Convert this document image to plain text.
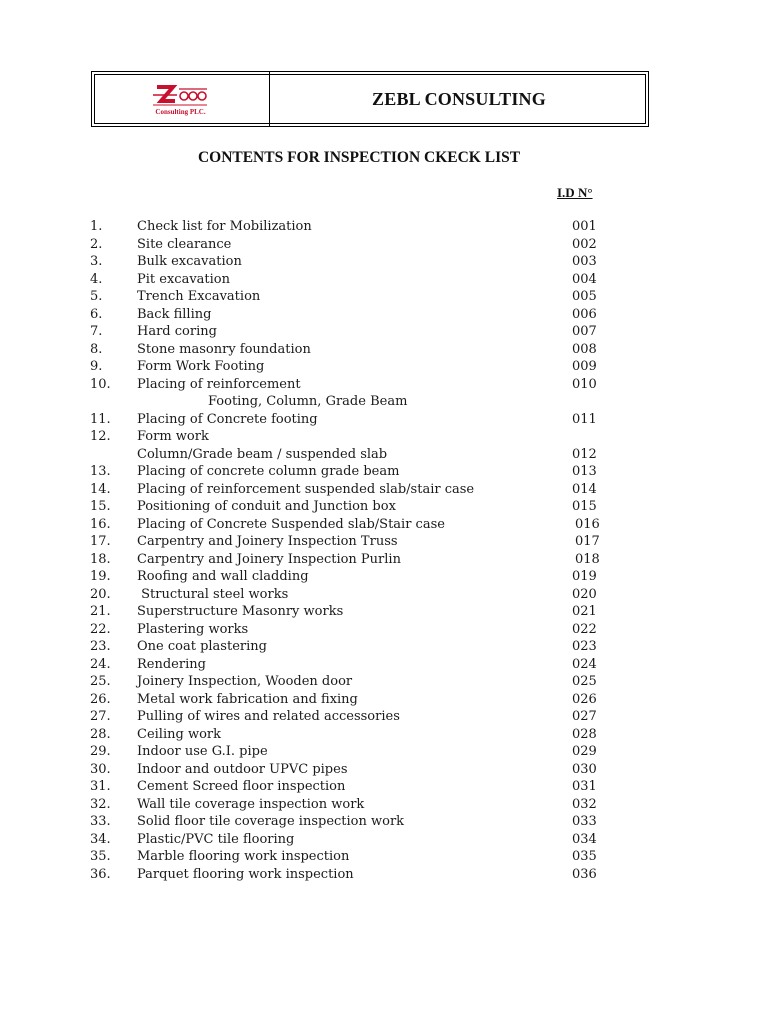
Consulting PLC.
ZEBL CONSULTING
CONTENTS FOR INSPECTION CKECK LIST
I.D N°
1.	Check list for Mobilization	001
2.	Site clearance	002
3.	Bulk excavation	003
4.	Pit excavation	004
5.	Trench Excavation	005
6.	Back filling	006
7.	Hard coring	007
8.	Stone masonry foundation	008
9.	Form Work Footing	009
10. Placing of reinforcement	010
Footing, Column, Grade Beam
11. Placing of Concrete footing	011
12. Form work
Column/Grade beam / suspended slab	012
13. Placing of concrete column grade beam	013
14. Placing of reinforcement suspended slab/stair case	014
15. Positioning of conduit and Junction box	015
16. Placing of Concrete Suspended slab/Stair case	016
17. Carpentry and Joinery Inspection Truss	017
18. Carpentry and Joinery Inspection Purlin	018
19. Roofing and wall cladding	019
20. Structural steel works	020
21. Superstructure Masonry works	021
22. Plastering works	022
23. One coat plastering	023
24. Rendering	024
25. Joinery Inspection, Wooden door	025
26. Metal work fabrication and fixing	026
27. Pulling of wires and related accessories	027
28. Ceiling work	028
29. Indoor use G.I. pipe	029
30. Indoor and outdoor UPVC pipes	030
31. Cement Screed floor inspection	031
32. Wall tile coverage inspection work	032
33. Solid floor tile coverage inspection work	033
34. Plastic/PVC tile flooring	034
35. Marble flooring work inspection	035
36. Parquet flooring work inspection	036
